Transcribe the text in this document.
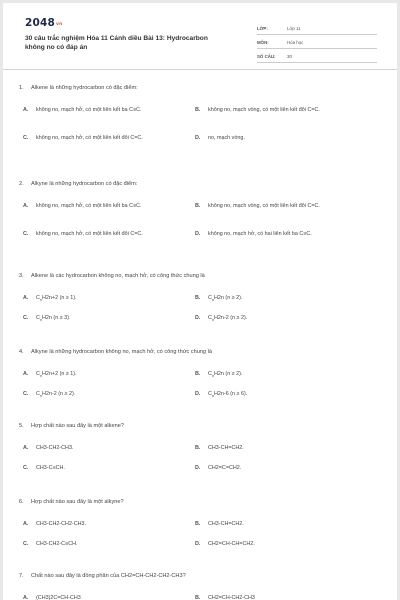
2048vn
30 câu trắc nghiệm Hóa 11 Cánh diều Bài 13: Hydrocarbon không no có đáp án
LỚP:	Lớp 11
MÔN:	Hóa học
SỐ CÂU:	30
1.	Alkene là những hydrocarbon có đặc điểm:
A.	không no, mạch hở, có một liên kết ba C≡C.	B.	không no, mạch vòng, có một liên kết đôi C=C.
C.	không no, mạch hở, có một liên kết đôi C=C.	D.	no, mạch vòng.
2.	Alkyne là những hydrocarbon có đặc điểm:
A.	không no, mạch hở, có một liên kết ba C≡C.	B.	không no, mạch vòng, có một liên kết đôi C=C.
C.	không no, mạch hở, có một liên kết đôi C=C.	D.	không no, mạch hở, có hai liên kết ba C≡C.
3.	Alkene là các hydrocarbon không no, mạch hở, có công thức chung là
A.	$C_nH2n+2$ (n ≥ 1).	B.	$C_nH2n$ (n ≥ 2).
C.	$C_nH2n$ (n ≥ 3).	D.	$C_nH2n-2$ (n ≥ 2).
4.	Alkyne là những hydrocarbon không no, mạch hở, có công thức chung là
A.	$C_nH2n+2$ (n ≥ 1).	B.	$C_nH2n$ (n ≥ 2).
C.	$C_nH2n-2$ (n ≥ 2).	D.	$C_nH2n-6$ (n ≥ 6).
5.	Hợp chất nào sau đây là một alkene?
A.	CH3-CH2-CH3.	B.	CH3-CH=CH2.
C.	CH3-C≡CH.	D.	CH2=C=CH2.
6.	Hợp chất nào sau đây là một alkyne?
A.	CH3-CH2-CH2-CH3.	B.	CH3-CH=CH2.
C.	CH3-CH2-C≡CH.	D.	CH2=CH-CH=CH2.
7.	Chất nào sau đây là đồng phân của CH2=CH-CH2-CH2-CH3?
A.	(CH3)2C=CH-CH3	B.	CH2=CH-CH2-CH3
